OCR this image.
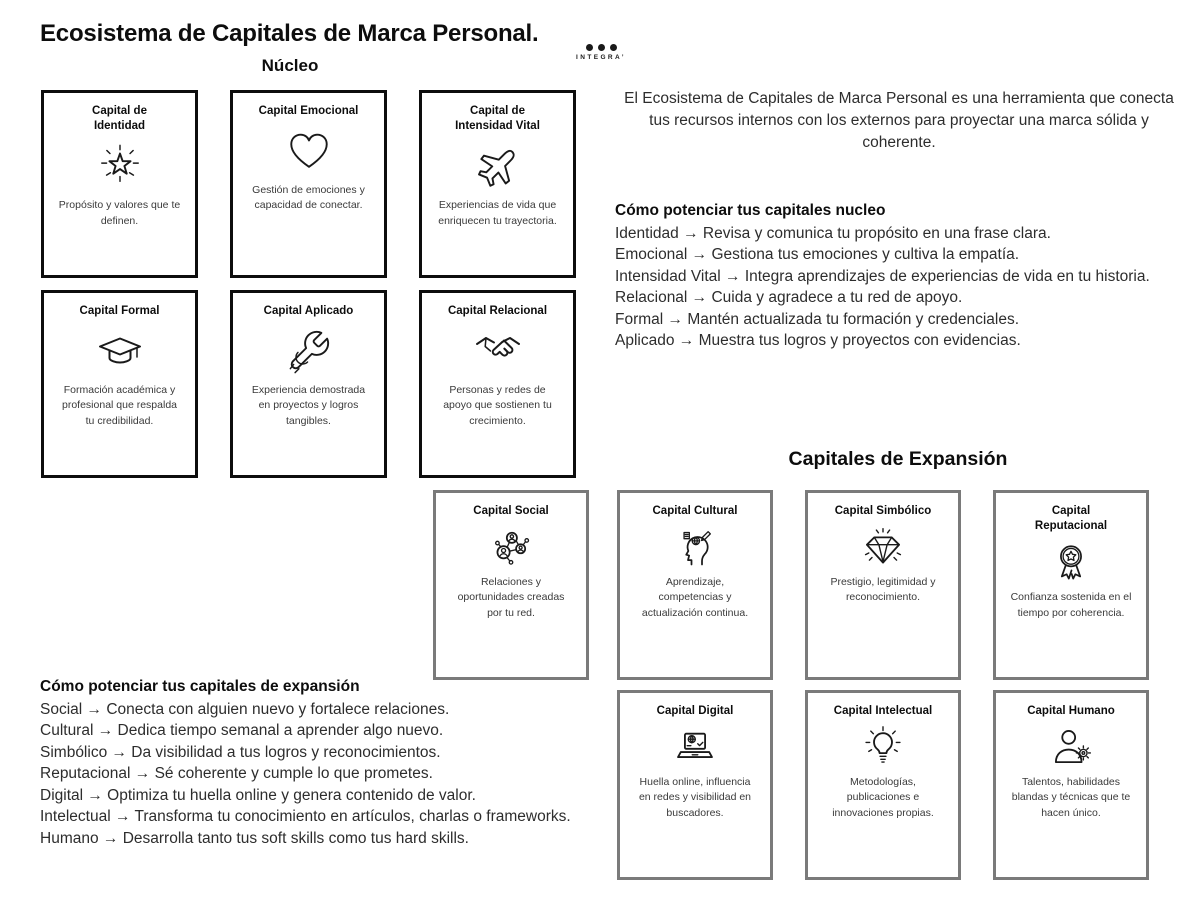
Ecosistema de Capitales de Marca Personal.
Núcleo	INTEGRA’
El Ecosistema de Capitales de Marca Personal es una herramienta que conecta tus recursos internos con los externos para proyectar una marca sólida y coherente.
Capital de Identidad
Propósito y valores que te definen.
Capital Emocional
Gestión de emociones y capacidad de conectar.
Capital de Intensidad Vital
Experiencias de vida que enriquecen tu trayectoria.
Capital Formal
Formación académica y profesional que respalda tu credibilidad.
Capital Aplicado
Experiencia demostrada en proyectos y logros tangibles.
Capital Relacional
Personas y redes de apoyo que sostienen tu crecimiento.
Cómo potenciar tus capitales nucleo
Identidad → Revisa y comunica tu propósito en una frase clara.
Emocional → Gestiona tus emociones y cultiva la empatía.
Intensidad Vital → Integra aprendizajes de experiencias de vida en tu historia.
Relacional → Cuida y agradece a tu red de apoyo.
Formal → Mantén actualizada tu formación y credenciales.
Aplicado → Muestra tus logros y proyectos con evidencias.
Capitales de Expansión
Capital Social
Relaciones y oportunidades creadas por tu red.
Capital Cultural
Aprendizaje, competencias y actualización continua.
Capital Simbólico
Prestigio, legitimidad y reconocimiento.
Capital Reputacional
Confianza sostenida en el tiempo por coherencia.
Capital Digital
Huella online, influencia en redes y visibilidad en buscadores.
Capital Intelectual
Metodologías, publicaciones e innovaciones propias.
Capital Humano
Talentos, habilidades blandas y técnicas que te hacen único.
Cómo potenciar tus capitales de expansión
Social → Conecta con alguien nuevo y fortalece relaciones.
Cultural → Dedica tiempo semanal a aprender algo nuevo.
Simbólico → Da visibilidad a tus logros y reconocimientos.
Reputacional → Sé coherente y cumple lo que prometes.
Digital → Optimiza tu huella online y genera contenido de valor.
Intelectual → Transforma tu conocimiento en artículos, charlas o frameworks.
Humano → Desarrolla tanto tus soft skills como tus hard skills.
